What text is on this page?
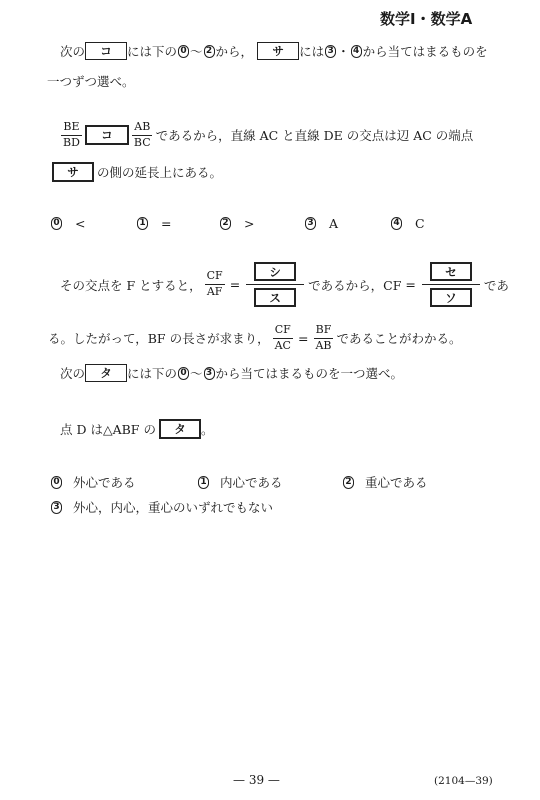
数学Ⅰ・数学A
次の	コ	には下の 0 〜 2 から，	サ	には 3 ・ 4 から当てはまるものを
一つずつ選べ。
$\frac{BE}{BD}$	コ	$\frac{AB}{BC}$ であるから，直線 AC と直線 DE の交点は辺 AC の端点
サ	の側の延長上にある。
0 <	1 =	2 >	3 A	4 C
その交点を F とすると， $\frac{CF}{AF}$ =
シ
ス
であるから，CF =
セ
ソ
であ
る。したがって，BF の長さが求まり， $\frac{CF}{AC} = \frac{BF}{AB}$ であることがわかる。
次の	タ	には下の 0 〜 3 から当てはまるものを一つ選べ。
点 D は△ABF の	タ	。
0 外心である	1 内心である	2 重心である
3 外心，内心，重心のいずれでもない
— 39 —	(2104—39)
